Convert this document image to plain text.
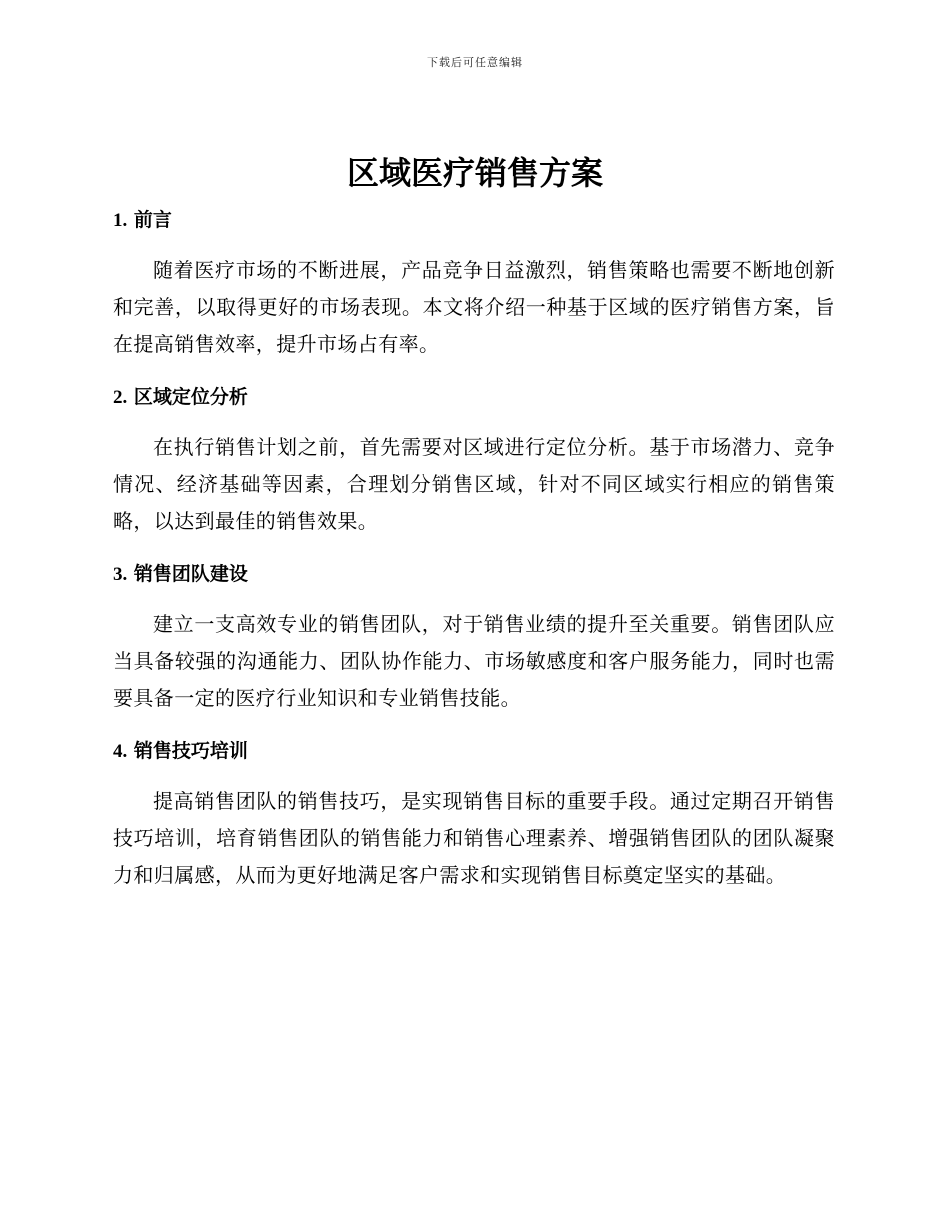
下载后可任意编辑
区域医疗销售方案
1. 前言

随着医疗市场的不断进展，产品竞争日益激烈，销售策略也需要不断地创新和完善，以取得更好的市场表现。本文将介绍一种基于区域的医疗销售方案，旨在提高销售效率，提升市场占有率。

2. 区域定位分析

在执行销售计划之前，首先需要对区域进行定位分析。基于市场潜力、竞争情况、经济基础等因素，合理划分销售区域，针对不同区域实行相应的销售策略，以达到最佳的销售效果。

3. 销售团队建设

建立一支高效专业的销售团队，对于销售业绩的提升至关重要。销售团队应当具备较强的沟通能力、团队协作能力、市场敏感度和客户服务能力，同时也需要具备一定的医疗行业知识和专业销售技能。

4. 销售技巧培训

提高销售团队的销售技巧，是实现销售目标的重要手段。通过定期召开销售技巧培训，培育销售团队的销售能力和销售心理素养、增强销售团队的团队凝聚力和归属感，从而为更好地满足客户需求和实现销售目标奠定坚实的基础。
